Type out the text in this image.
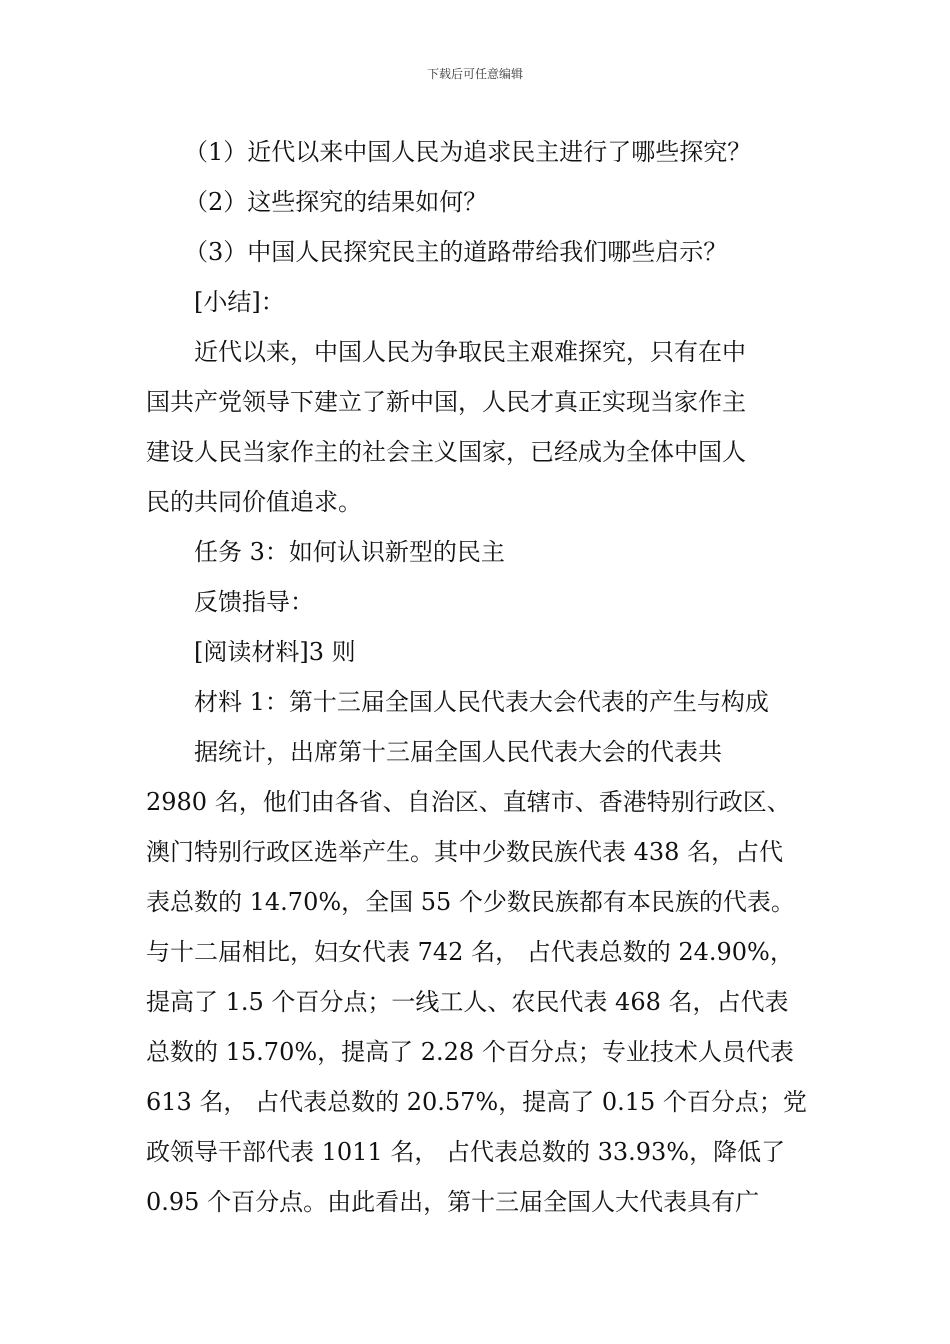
下载后可任意编辑
（1）近代以来中国人民为追求民主进行了哪些探究？
（2）这些探究的结果如何？
（3）中国人民探究民主的道路带给我们哪些启示？
[小结]：
近代以来，中国人民为争取民主艰难探究，只有在中
国共产党领导下建立了新中国，人民才真正实现当家作主
建设人民当家作主的社会主义国家，已经成为全体中国人
民的共同价值追求。
任务 3：如何认识新型的民主
反馈指导：
[阅读材料]3 则
材料 1：第十三届全国人民代表大会代表的产生与构成
据统计，出席第十三届全国人民代表大会的代表共
2980 名，他们由各省、自治区、直辖市、香港特别行政区、
澳门特别行政区选举产生。其中少数民族代表 438 名，占代
表总数的 14.70%，全国 55 个少数民族都有本民族的代表。
与十二届相比，妇女代表 742 名， 占代表总数的 24.90%，
提高了 1.5 个百分点；一线工人、农民代表 468 名，占代表
总数的 15.70%，提高了 2.28 个百分点；专业技术人员代表
613 名， 占代表总数的 20.57%，提高了 0.15 个百分点；党
政领导干部代表 1011 名， 占代表总数的 33.93%，降低了
0.95 个百分点。由此看出，第十三届全国人大代表具有广
